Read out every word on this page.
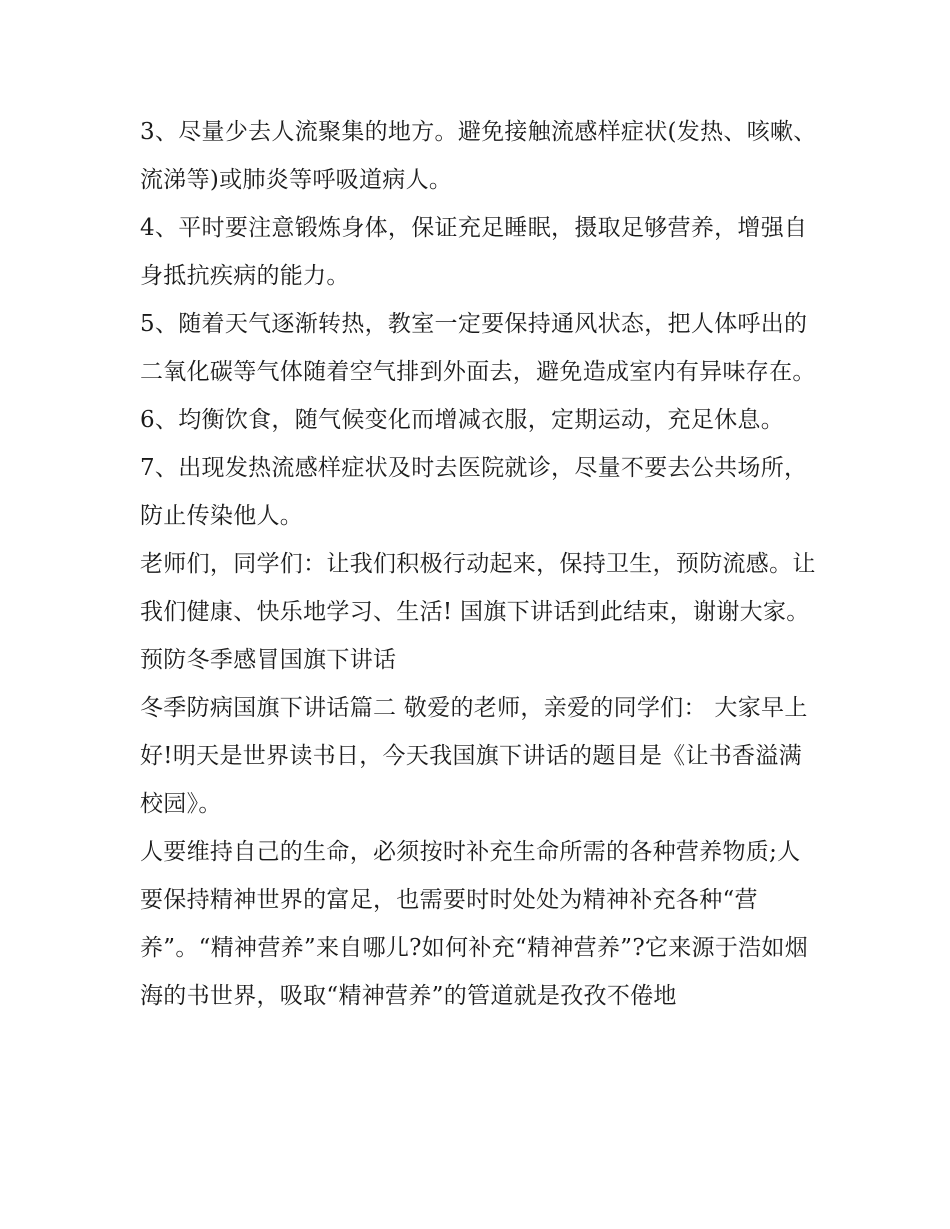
3、尽量少去人流聚集的地方。避免接触流感样症状(发热、咳嗽、流涕等)或肺炎等呼吸道病人。

4、平时要注意锻炼身体，保证充足睡眠，摄取足够营养，增强自身抵抗疾病的能力。

5、随着天气逐渐转热，教室一定要保持通风状态，把人体呼出的二氧化碳等气体随着空气排到外面去，避免造成室内有异味存在。

6、均衡饮食，随气候变化而增减衣服，定期运动，充足休息。 7、出现发热流感样症状及时去医院就诊，尽量不要去公共场所，防止传染他人。

老师们，同学们：让我们积极行动起来，保持卫生，预防流感。让我们健康、快乐地学习、生活! 国旗下讲话到此结束，谢谢大家。 预防冬季感冒国旗下讲话

冬季防病国旗下讲话篇二 敬爱的老师，亲爱的同学们： 大家早上好!明天是世界读书日，今天我国旗下讲话的题目是《让书香溢满校园》。

人要维持自己的生命，必须按时补充生命所需的各种营养物质;人要保持精神世界的富足，也需要时时处处为精神补充各种“营养”。“精神营养”来自哪儿?如何补充“精神营养”?它来源于浩如烟海的书世界，吸取“精神营养”的管道就是孜孜不倦地
